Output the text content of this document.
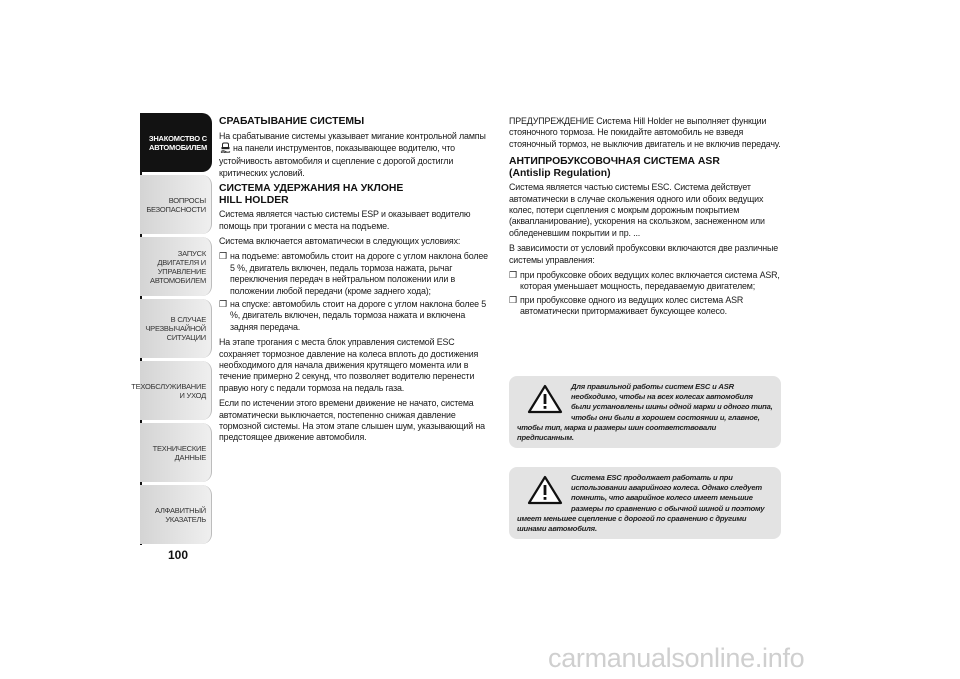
ЗНАКОМСТВО С
АВТОМОБИЛЕМ
ВОПРОСЫ
БЕЗОПАСНОСТИ
ЗАПУСК ДВИГАТЕЛЯ И
УПРАВЛЕНИЕ
АВТОМОБИЛЕМ
В СЛУЧАЕ
ЧРЕЗВЫЧАЙНОЙ
СИТУАЦИИ
ТЕХОБСЛУЖИВАНИЕ
И УХОД
ТЕХНИЧЕСКИЕ
ДАННЫЕ
АЛФАВИТНЫЙ
УКАЗАТЕЛЬ
100
СРАБАТЫВАНИЕ СИСТЕМЫ

На срабатывание системы указывает мигание контрольной лампы
на панели инструментов, показывающее водителю, что устойчивость автомобиля и сцепление с дорогой достигли критических условий.

СИСТЕМА УДЕРЖАНИЯ НА УКЛОНЕ
HILL HOLDER

Система является частью системы ESP и оказывает водителю помощь при трогании с места на подъеме.

Система включается автоматически в следующих условиях:

❒ на подъеме: автомобиль стоит на дороге с углом наклона более 5 %, двигатель включен, педаль тормоза нажата, рычаг переключения передач в нейтральном положении или в положении любой передачи (кроме заднего хода);
❒ на спуске: автомобиль стоит на дороге с углом наклона более 5 %, двигатель включен, педаль тормоза нажата и включена задняя передача.

На этапе трогания с места блок управления системой ESC сохраняет тормозное давление на колеса вплоть до достижения необходимого для начала движения крутящего момента или в течение примерно 2 секунд, что позволяет водителю перенести правую ногу с педали тормоза на педаль газа.

Если по истечении этого времени движение не начато, система автоматически выключается, постепенно снижая давление тормозной системы. На этом этапе слышен шум, указывающий на предстоящее движение автомобиля.

ПРЕДУПРЕЖДЕНИЕ Система Hill Holder не выполняет функции стояночного тормоза. Не покидайте автомобиль не взведя стояночный тормоз, не выключив двигатель и не включив передачу.

АНТИПРОБУКСОВОЧНАЯ СИСТЕМА ASR
(Antislip Regulation)

Система является частью системы ESC. Система действует автоматически в случае скольжения одного или обоих ведущих колес, потери сцепления с мокрым дорожным покрытием (аквапланирование), ускорения на скользком, заснеженном или обледеневшим покрытии и пр. ...

В зависимости от условий пробуксовки включаются две различные системы управления:

❒ при пробуксовке обоих ведущих колес включается система ASR, которая уменьшает мощность, передаваемую двигателем;
❒ при пробуксовке одного из ведущих колес система ASR автоматически притормаживает буксующее колесо.
Для правильной работы систем ESC и ASR необходимо, чтобы на всех колесах автомобиля были установлены шины одной марки и одного типа, чтобы они были в хорошем состоянии и, главное, чтобы тип, марка и размеры шин соответствовали предписанным.
Система ESC продолжает работать и при использовании аварийного колеса. Однако следует помнить, что аварийное колесо имеет меньшие размеры по сравнению с обычной шиной и поэтому имеет меньшее сцепление с дорогой по сравнению с другими шинами автомобиля.
carmanualsonline.info
